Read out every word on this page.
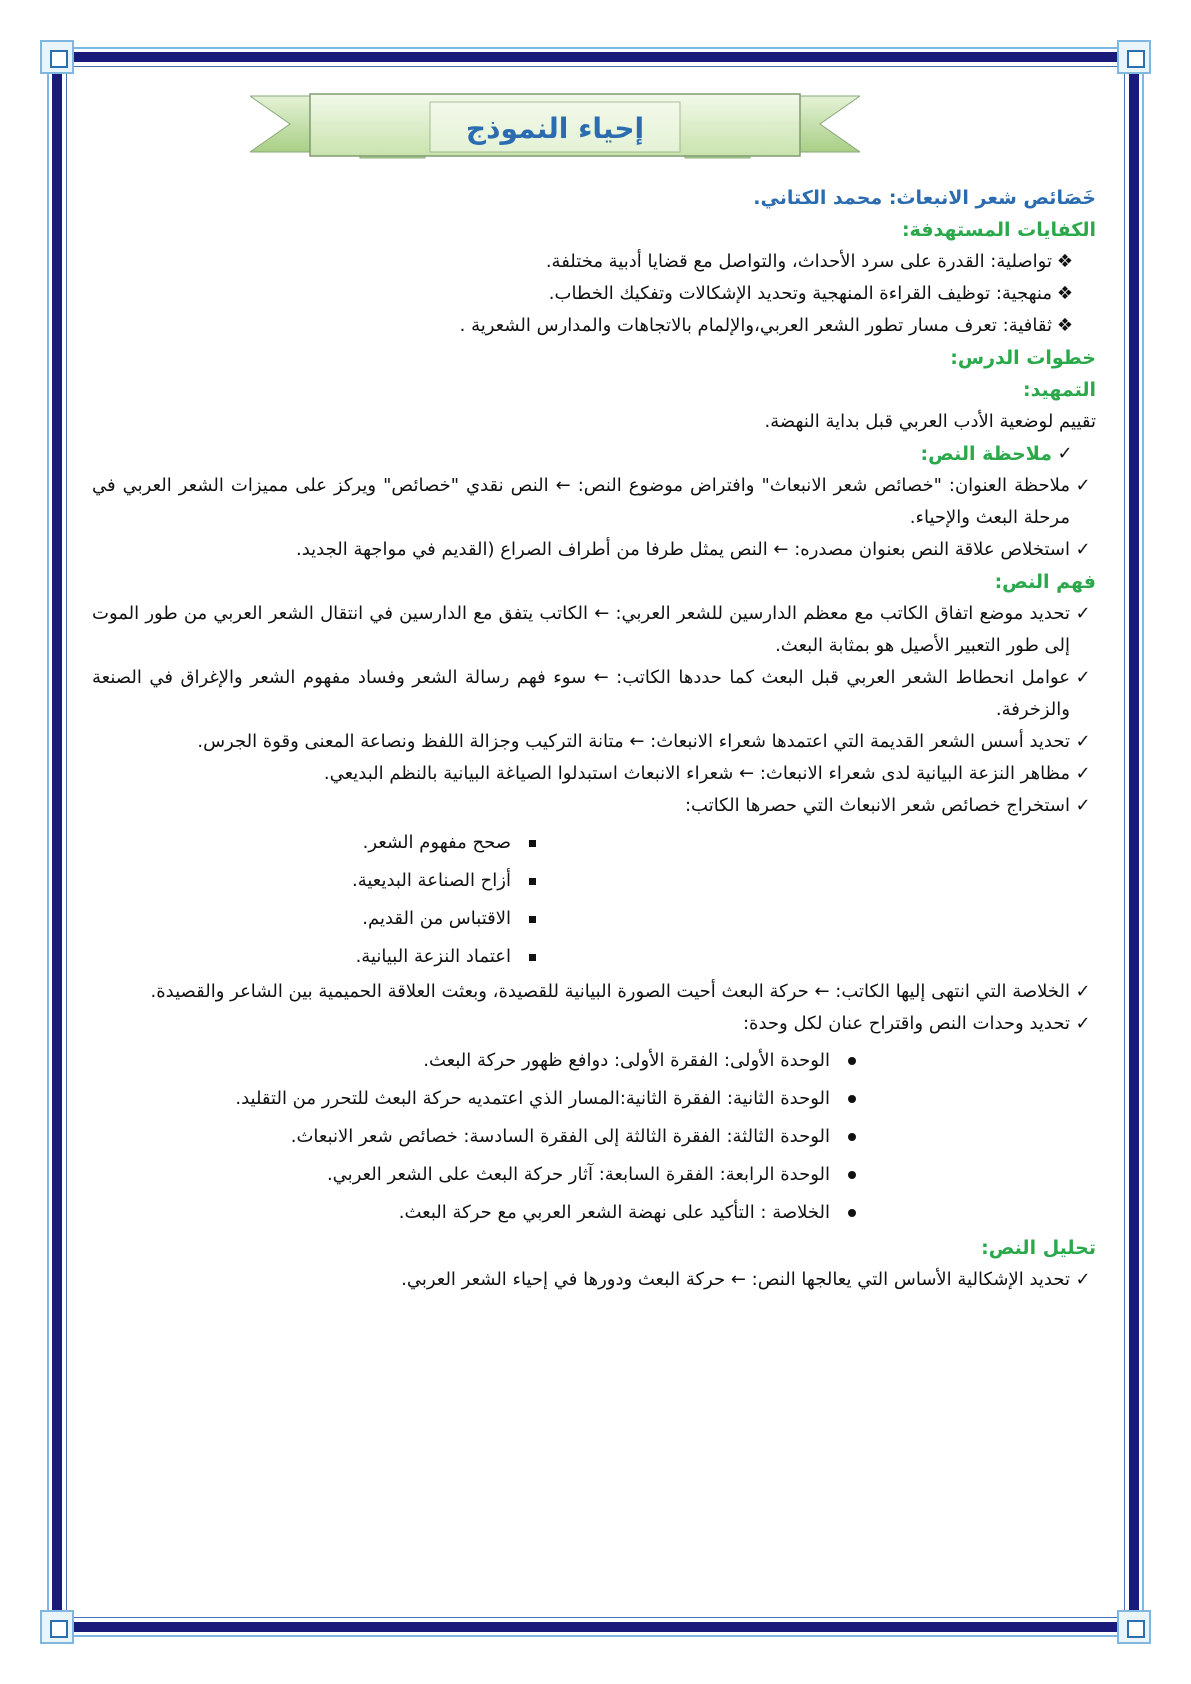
إحياء النموذج
خَصَائص شعر الانبعاث: محمد الكتاني.
الكفايات المستهدفة:
❖
تواصلية: القدرة على سرد الأحداث، والتواصل مع قضايا أدبية مختلفة.
❖
منهجية: توظيف القراءة المنهجية وتحديد الإشكالات وتفكيك الخطاب.
❖
ثقافية: تعرف مسار تطور الشعر العربي،والإلمام بالاتجاهات والمدارس الشعرية .
خطوات الدرس:
التمهيد:
تقييم لوضعية الأدب العربي قبل بداية النهضة.
✓
ملاحظة النص:
✓
ملاحظة العنوان: "خصائص شعر الانبعاث" وافتراض موضوع النص: ← النص نقدي "خصائص" ويركز على مميزات الشعر العربي في مرحلة البعث والإحياء.
✓
استخلاص علاقة النص بعنوان مصدره: ← النص يمثل طرفا من أطراف الصراع (القديم في مواجهة الجديد.
فهم النص:
✓
تحديد موضع اتفاق الكاتب مع معظم الدارسين للشعر العربي: ← الكاتب يتفق مع الدارسين في انتقال الشعر العربي من طور الموت إلى طور التعبير الأصيل هو بمثابة البعث.
✓
عوامل انحطاط الشعر العربي قبل البعث كما حددها الكاتب: ← سوء فهم رسالة الشعر وفساد مفهوم الشعر والإغراق في الصنعة والزخرفة.
✓
تحديد أسس الشعر القديمة التي اعتمدها شعراء الانبعاث: ← متانة التركيب وجزالة اللفظ ونصاعة المعنى وقوة الجرس.
✓
مظاهر النزعة البيانية لدى شعراء الانبعاث: ← شعراء الانبعاث استبدلوا الصياغة البيانية بالنظم البديعي.
✓
استخراج خصائص شعر الانبعاث التي حصرها الكاتب:
صحح مفهوم الشعر.
أزاح الصناعة البديعية.
الاقتباس من القديم.
اعتماد النزعة البيانية.
✓
الخلاصة التي انتهى إليها الكاتب: ← حركة البعث أحيت الصورة البيانية للقصيدة، وبعثت العلاقة الحميمية بين الشاعر والقصيدة.
✓
تحديد وحدات النص واقتراح عنان لكل وحدة:
الوحدة الأولى: الفقرة الأولى: دوافع ظهور حركة البعث.
الوحدة الثانية: الفقرة الثانية:المسار الذي اعتمديه حركة البعث للتحرر من التقليد.
الوحدة الثالثة: الفقرة الثالثة إلى الفقرة السادسة: خصائص شعر الانبعاث.
الوحدة الرابعة: الفقرة السابعة: آثار حركة البعث على الشعر العربي.
الخلاصة : التأكيد على نهضة الشعر العربي مع حركة البعث.
تحليل النص:
✓
تحديد الإشكالية الأساس التي يعالجها النص: ← حركة البعث ودورها في إحياء الشعر العربي.
